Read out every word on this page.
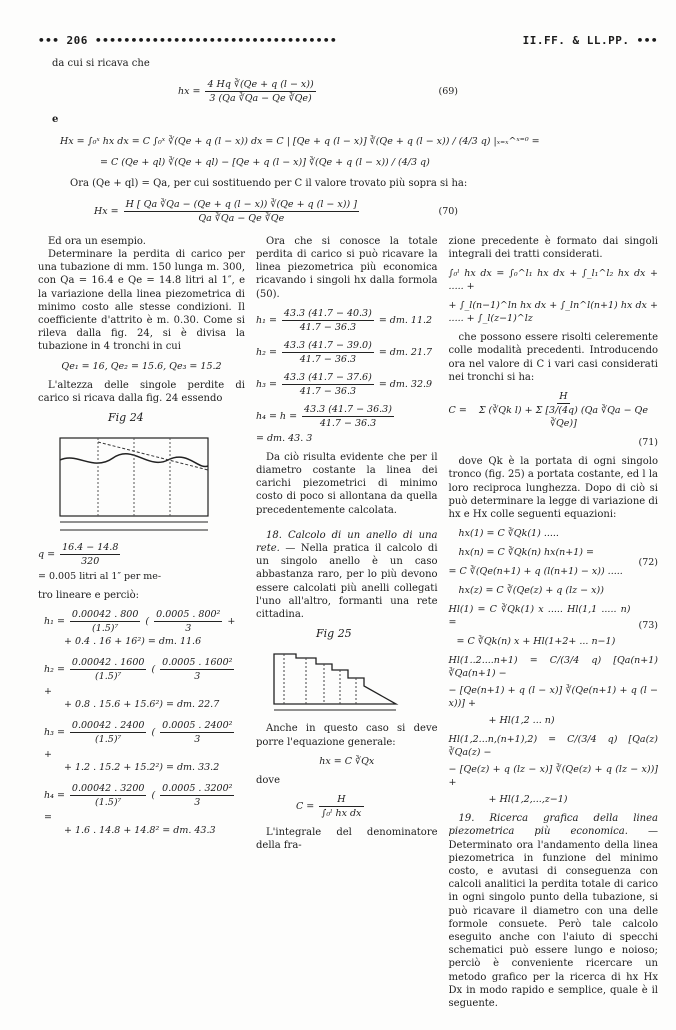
••• 206 ••••••••••••••••••••••••••••••••••	II.FF. & LL.PP. •••
da cui si ricava che
hx = $\frac{4 Hq ∛(Qe + q (l - x))}{3 (Qa ∛Qa - Qe ∛Qe)}$	(69)
e
Hx = ∫₀ˣ hx dx = C ∫₀ˣ ∛(Qe + q (l − x)) dx = C | [Qe + q (l − x)] ∛(Qe + q (l − x)) / (4/3 q) |ₓ₌ₓ^ˣ⁼⁰ =
= C (Qe + ql) ∛(Qe + ql) − [Qe + q (l − x)] ∛(Qe + q (l − x)) / (4/3 q)
Ora (Qe + ql) = Qa, per cui sostituendo per C il valore trovato più sopra si ha:
$Hx = \frac{H [ Qa ∛Qa - (Qe + q (l - x)) ∛(Qe + q (l - x)) ]}{Qa ∛Qa - Qe ∛Qe}$	(70)
Ed ora un esempio.
Determinare la perdita di carico per una tubazione di mm. 150 lunga m. 300, con Qa = 16.4 e Qe = 14.8 litri al 1″, e la variazione della linea piezometrica di minimo costo alle stesse condizioni. Il coefficiente d'attrito è m. 0.30. Come si rileva dalla fig. 24, si è divisa la tubazione in 4 tronchi in cui
Qe₁ = 16, Qe₂ = 15.6, Qe₃ = 15.2
L'altezza delle singole perdite di carico si ricava dalla fig. 24 essendo
Fig 24
$q = \frac{16.4 - 14.8}{320}$
= 0.005 litri al 1″ per me-
tro lineare e perciò:
$h_1 = \frac{0.00042 . 800}{\text{(1.5)⁷}}$ ( $\frac{\text{0.0005 . 800²}}{3}$ +
+ 0.4 . 16 + 16²) = dm. 11.6
$h_2 = \frac{0.00042 . 1600}{\text{(1.5)⁷}}$ ( $\frac{\text{0.0005 . 1600²}}{3}$
+
+ 0.8 . 15.6 + 15.6²) = dm. 22.7
$h_3 = \frac{0.00042 . 2400}{\text{(1.5)⁷}}$ ( $\frac{\text{0.0005 . 2400²}}{3}$
+
+ 1.2 . 15.2 + 15.2²) = dm. 33.2
$h_4 = \frac{0.00042 . 3200}{\text{(1.5)⁷}}$ ( $\frac{\text{0.0005 . 3200²}}{3}$
=
+ 1.6 . 14.8 + 14.8² = dm. 43.3
Ora che si conosce la totale perdita di carico si può ricavare la linea piezometrica più economica ricavando i singoli hx dalla formola (50).
$h_1 = \frac{43.3 (41.7 - 40.3)}{41.7 - 36.3}$ = dm. 11.2
$h_2 = \frac{43.3 (41.7 - 39.0)}{41.7 - 36.3}$ = dm. 21.7
$h_3 = \frac{43.3 (41.7 - 37.6)}{41.7 - 36.3}$ = dm. 32.9
$h_4 = h = \frac{43.3 (41.7 - 36.3)}{41.7 - 36.3}$
= dm. 43. 3
Da ciò risulta evidente che per il diametro costante la linea dei carichi piezometrici di minimo costo di poco si allontana da quella precedentemente calcolata.
18. Calcolo di un anello di una rete. — Nella pratica il calcolo di un singolo anello è un caso abbastanza raro, per lo più devono essere calcolati più anelli collegati l'uno all'altro, formanti una rete cittadina.
Fig 25
Anche in questo caso si deve porre l'equazione generale:
hx = C ∛Qx
dove
$C = \frac{H}{\text{∫₀ˡ hx dx}}$
L'integrale del denominatore della fra-
zione precedente è formato dai singoli integrali dei tratti considerati.
∫₀ˡ hx dx = ∫₀^l₁ hx dx + ∫_l₁^l₂ hx dx + ..... +
+ ∫_l(n−1)^ln hx dx + ∫_ln^l(n+1) hx dx + ..... + ∫_l(z−1)^lz
che possono essere risolti celeremente colle modalità precedenti. Introducendo ora nel valore di C i vari casi considerati nei tronchi si ha:
$C = \frac{H}{\text{Σ (∛Qk l) + Σ [3/(4q) (Qa ∛Qa − Qe ∛Qe)]}}$
(71)
dove Qk è la portata di ogni singolo tronco (fig. 25) a portata costante, ed l la loro reciproca lunghezza. Dopo di ciò si può determinare la legge di variazione di hx e Hx colle seguenti equazioni:
hx(1) = C ∛Qk(1) .....
hx(n) = C ∛Qk(n) hx(n+1) =
= C ∛(Qe(n+1) + q (l(n+1) − x)) .....
hx(z) = C ∛(Qe(z) + q (lz − x))
(72)
Hl(1) = C ∛Qk(1) x ..... Hl(1,1 ..... n) =
= C ∛Qk(n) x + Hl(1+2+ ... n−1)
(73)
Hl(1..2....n+1) = C/(3/4 q) [Qa(n+1) ∛Qa(n+1) −
− [Qe(n+1) + q (l − x)] ∛(Qe(n+1) + q (l − x))] +
+ Hl(1,2 ... n)
Hl(1,2...n,(n+1),2) = C/(3/4 q) [Qa(z) ∛Qa(z) −
− [Qe(z) + q (lz − x)] ∛(Qe(z) + q (lz − x))] +
+ Hl(1,2,...,z−1)
19. Ricerca grafica della linea piezometrica più economica. — Determinato ora l'andamento della linea piezometrica in funzione del minimo costo, e avutasi di conseguenza con calcoli analitici la perdita totale di carico in ogni singolo punto della tubazione, si può ricavare il diametro con una delle formole consuete. Però tale calcolo eseguito anche con l'aiuto di specchi schematici può essere lungo e noioso; perciò è conveniente ricercare un metodo grafico per la ricerca di hx Hx Dx in modo rapido e semplice, quale è il seguente.
